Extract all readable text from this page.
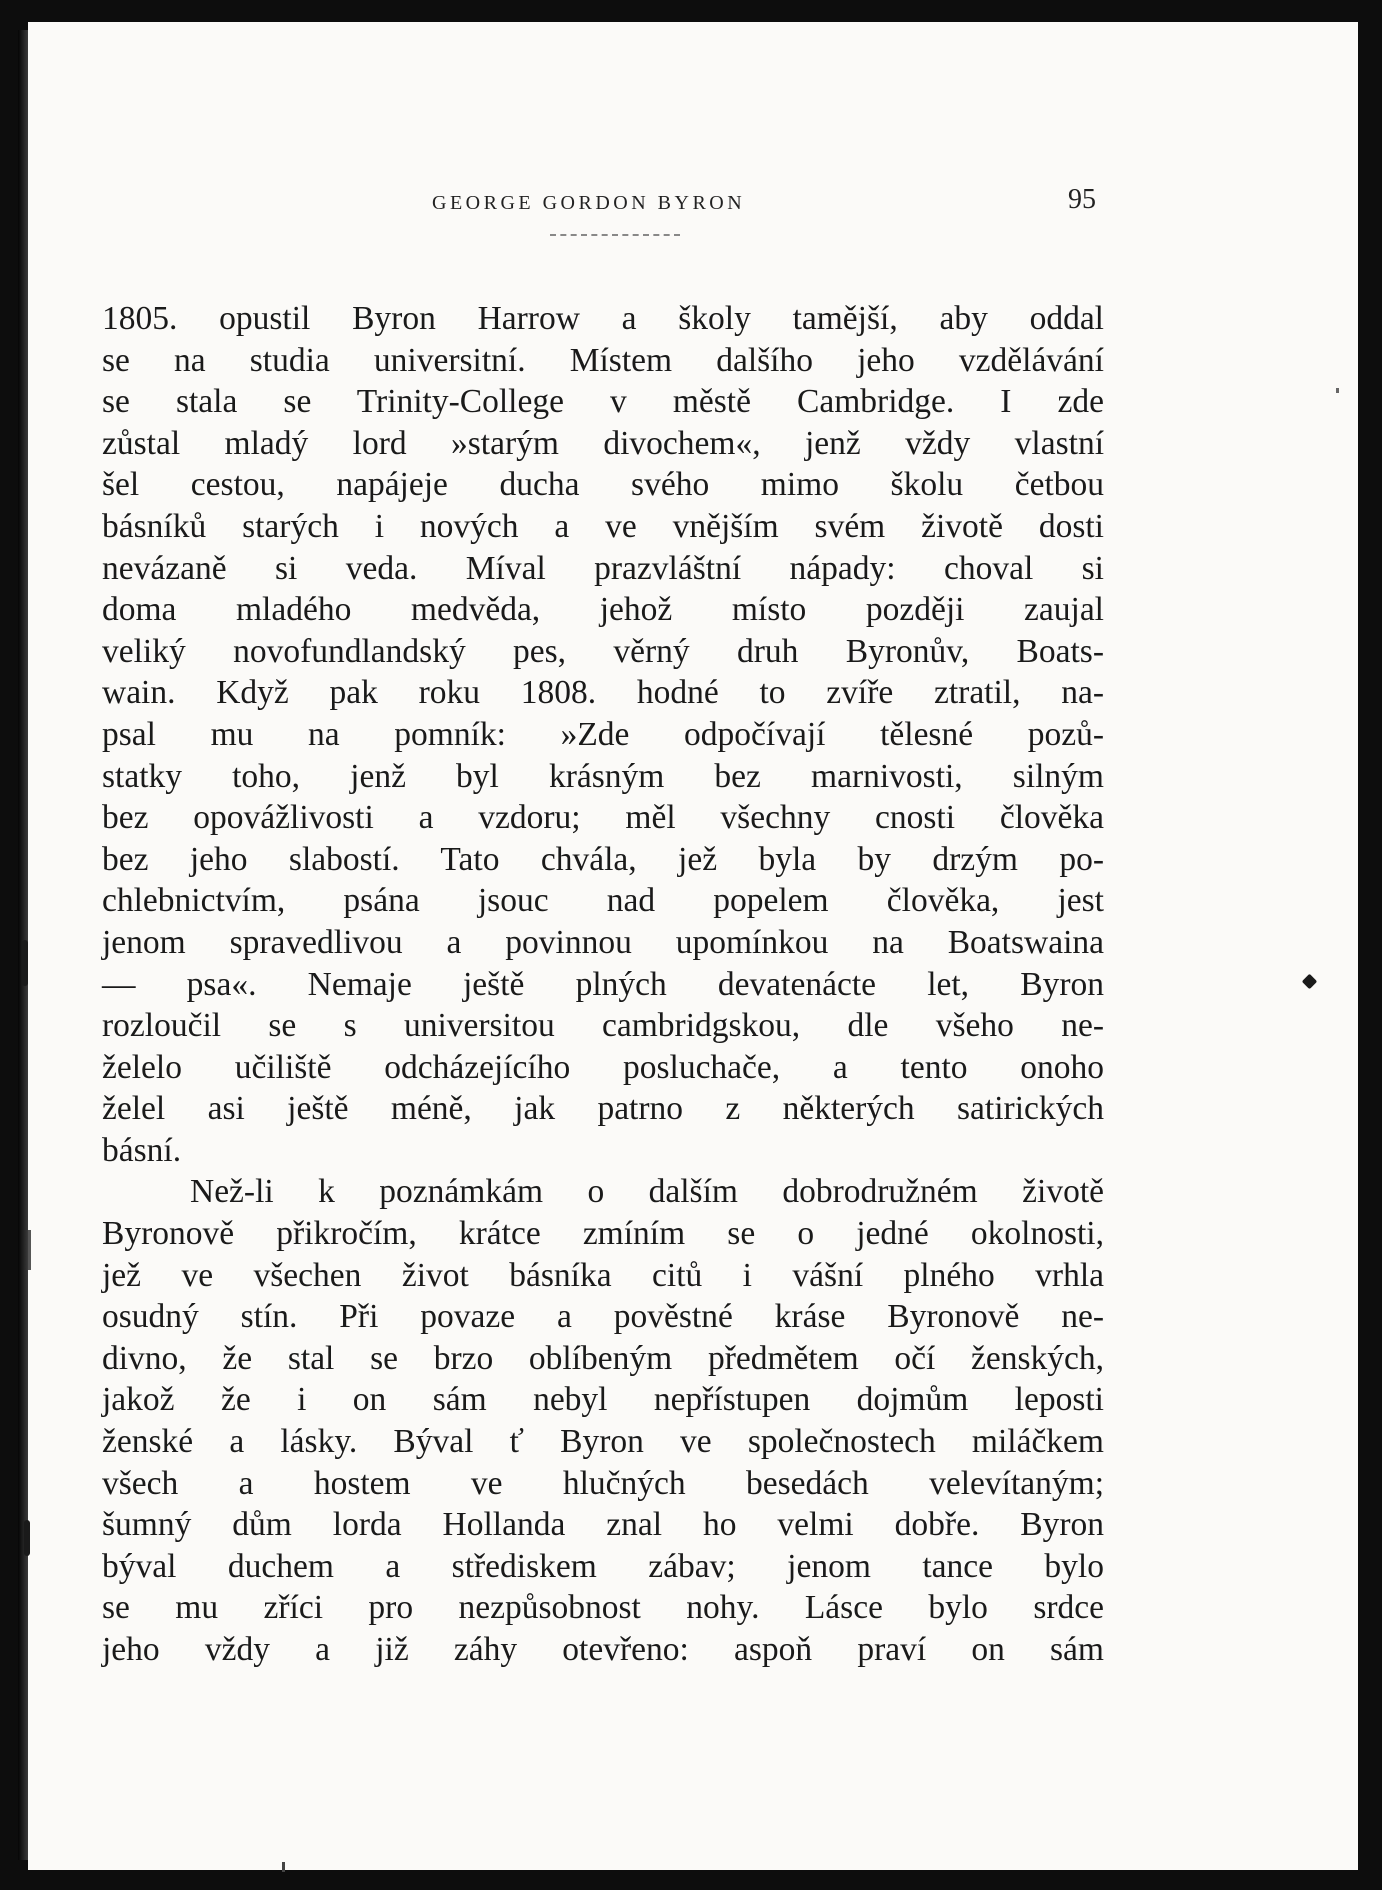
GEORGE GORDON BYRON	95
1805. opustil Byron Harrow a školy tamější, aby oddal
se na studia universitní. Místem dalšího jeho vzdělávání
se stala se Trinity-College v městě Cambridge. I zde
zůstal mladý lord »starým divochem«, jenž vždy vlastní
šel cestou, napájeje ducha svého mimo školu četbou
básníků starých i nových a ve vnějším svém životě dosti
nevázaně si veda. Míval prazvláštní nápady: choval si
doma mladého medvěda, jehož místo později zaujal
veliký novofundlandský pes, věrný druh Byronův, Boats-
wain. Když pak roku 1808. hodné to zvíře ztratil, na-
psal mu na pomník: »Zde odpočívají tělesné pozů-
statky toho, jenž byl krásným bez marnivosti, silným
bez opovážlivosti a vzdoru; měl všechny cnosti člověka
bez jeho slabostí. Tato chvála, jež byla by drzým po-
chlebnictvím, psána jsouc nad popelem člověka, jest
jenom spravedlivou a povinnou upomínkou na Boatswaina
— psa«. Nemaje ještě plných devatenácte let, Byron
rozloučil se s universitou cambridgskou, dle všeho ne-
želelo učiliště odcházejícího posluchače, a tento onoho
želel asi ještě méně, jak patrno z některých satirických
básní.
Než-li k poznámkám o dalším dobrodružném životě
Byronově přikročím, krátce zmíním se o jedné okolnosti,
jež ve všechen život básníka citů i vášní plného vrhla
osudný stín. Při povaze a pověstné kráse Byronově ne-
divno, že stal se brzo oblíbeným předmětem očí ženských,
jakož že i on sám nebyl nepřístupen dojmům leposti
ženské a lásky. Býval ť Byron ve společnostech miláčkem
všech a hostem ve hlučných besedách velevítaným;
šumný dům lorda Hollanda znal ho velmi dobře. Byron
býval duchem a střediskem zábav; jenom tance bylo
se mu zříci pro nezpůsobnost nohy. Lásce bylo srdce
jeho vždy a již záhy otevřeno: aspoň praví on sám
